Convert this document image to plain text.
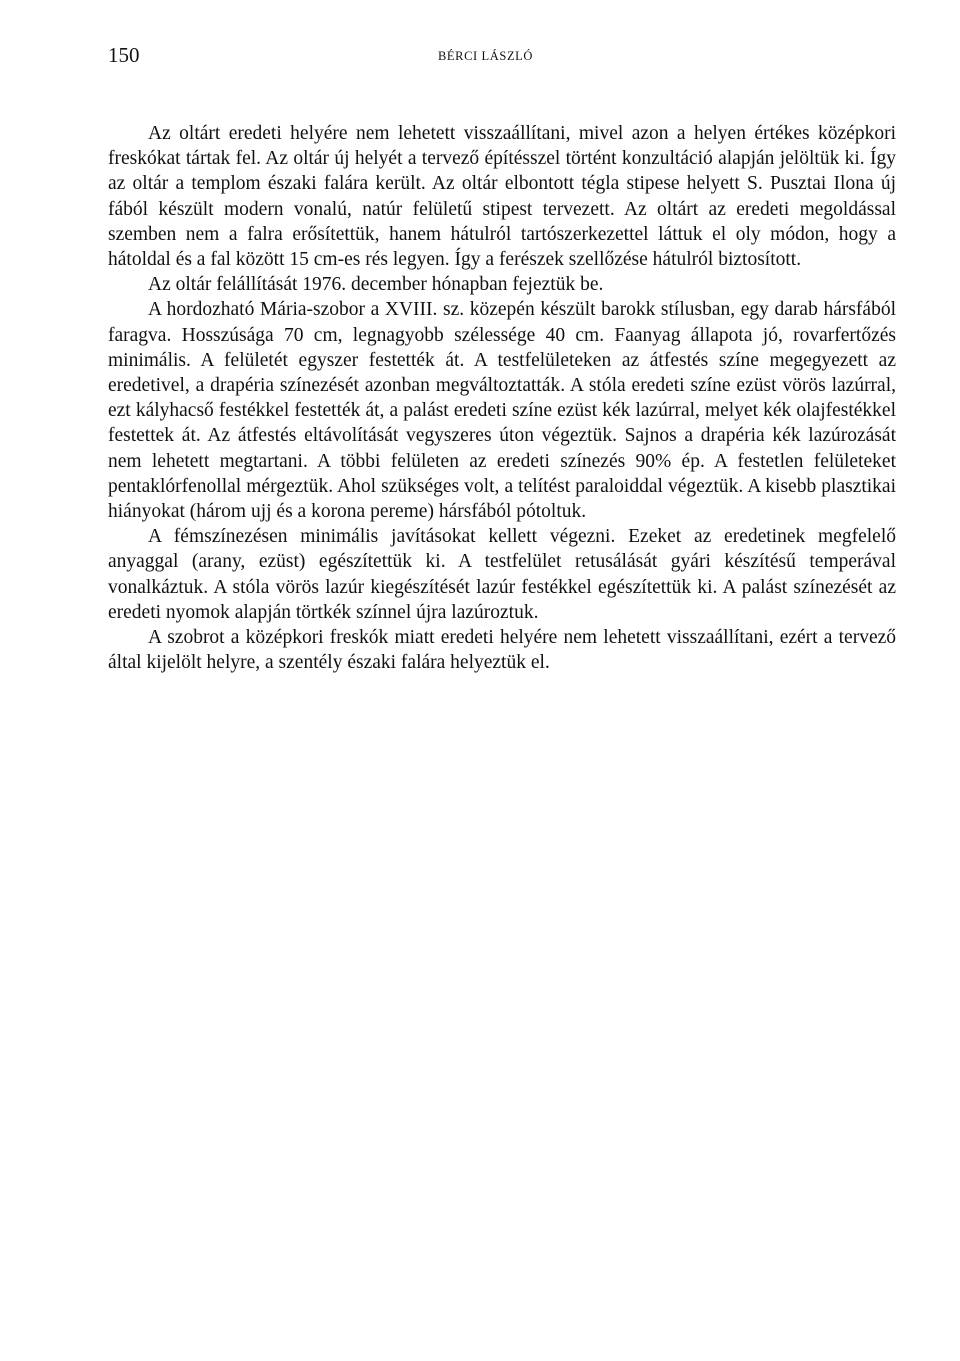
150	BÉRCI LÁSZLÓ

Az oltárt eredeti helyére nem lehetett visszaállítani, mivel azon a helyen értékes középkori freskókat tártak fel. Az oltár új helyét a tervező építésszel történt konzultáció alapján jelöltük ki. Így az oltár a templom északi falára került. Az oltár elbontott tégla stipese helyett S. Pusztai Ilona új fából készült modern vonalú, natúr felületű stipest tervezett. Az oltárt az eredeti megoldással szemben nem a falra erősítettük, hanem hátulról tartószerkezettel láttuk el oly módon, hogy a hátoldal és a fal között 15 cm-es rés legyen. Így a ferészek szellőzése hátulról biztosított.

Az oltár felállítását 1976. december hónapban fejeztük be.

A hordozható Mária-szobor a XVIII. sz. közepén készült barokk stílusban, egy darab hársfából faragva. Hosszúsága 70 cm, legnagyobb szélessége 40 cm. Faanyag állapota jó, rovarfertőzés minimális. A felületét egyszer festették át. A testfelületeken az átfestés színe megegyezett az eredetivel, a drapéria színezését azonban megváltoztatták. A stóla eredeti színe ezüst vörös lazúrral, ezt kályhacső festékkel festették át, a palást eredeti színe ezüst kék lazúrral, melyet kék olajfestékkel festettek át. Az átfestés eltávolítását vegyszeres úton végeztük. Sajnos a drapéria kék lazúrozását nem lehetett megtartani. A többi felületen az eredeti színezés 90% ép. A festetlen felületeket pentaklórfenollal mérgeztük. Ahol szükséges volt, a telítést paraloiddal végeztük. A kisebb plasztikai hiányokat (három ujj és a korona pereme) hársfából pótoltuk.

A fémszínezésen minimális javításokat kellett végezni. Ezeket az eredetinek megfelelő anyaggal (arany, ezüst) egészítettük ki. A testfelület retusálását gyári készítésű temperával vonalkáztuk. A stóla vörös lazúr kiegészítését lazúr festékkel egészítettük ki. A palást színezését az eredeti nyomok alapján törtkék színnel újra lazúroztuk.

A szobrot a középkori freskók miatt eredeti helyére nem lehetett visszaállítani, ezért a tervező által kijelölt helyre, a szentély északi falára helyeztük el.
